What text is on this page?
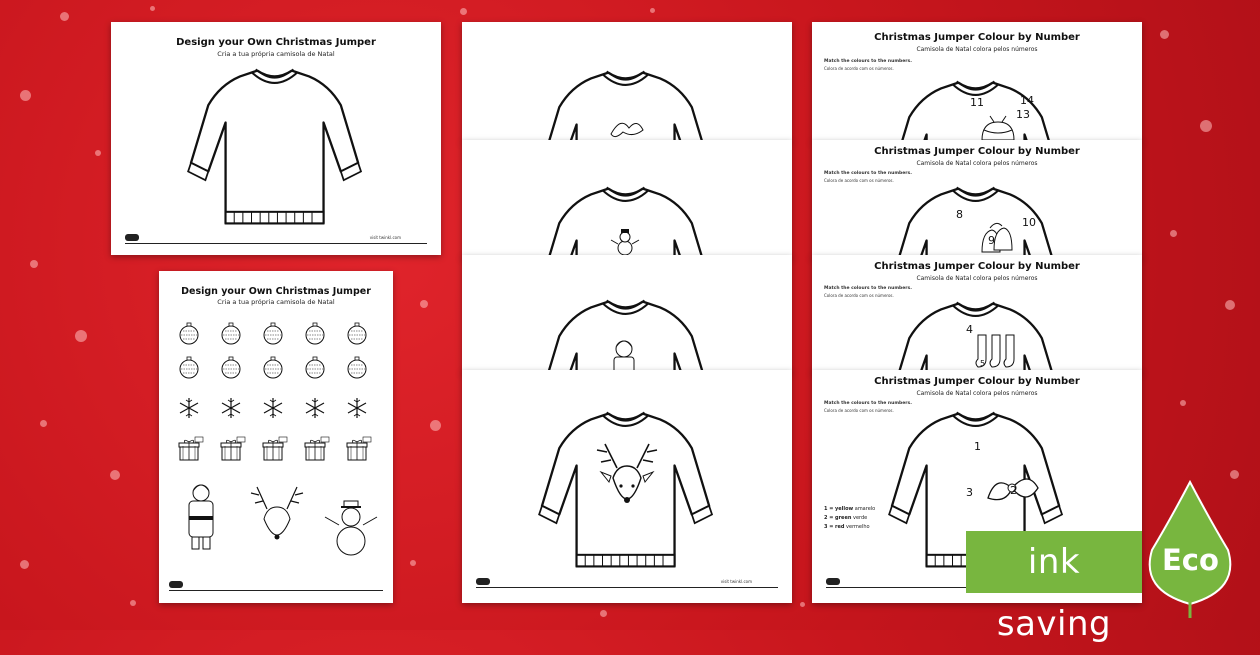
Design your Own Christmas Jumper
Cria a tua própria camisola de Natal
visit twinkl.com
Design your Own Christmas Jumper
Cria a tua própria camisola de Natal
visit twinkl.com
Christmas Jumper Colour by Number
Camisola de Natal colora pelos números
Match the colours to the numbers.
Colora de acordo com os números.
11	14
13
Christmas Jumper Colour by Number
Camisola de Natal colora pelos números
Match the colours to the numbers.
Colora de acordo com os números.
8
10
9
Christmas Jumper Colour by Number
Camisola de Natal colora pelos números
Match the colours to the numbers.
Colora de acordo com os números.
4
5
Christmas Jumper Colour by Number
Camisola de Natal colora pelos números
Match the colours to the numbers.
Colora de acordo com os números.
1
2
3
1 = yellow amarelo
2 = green verde
3 = red vermelho
ink saving
Eco
